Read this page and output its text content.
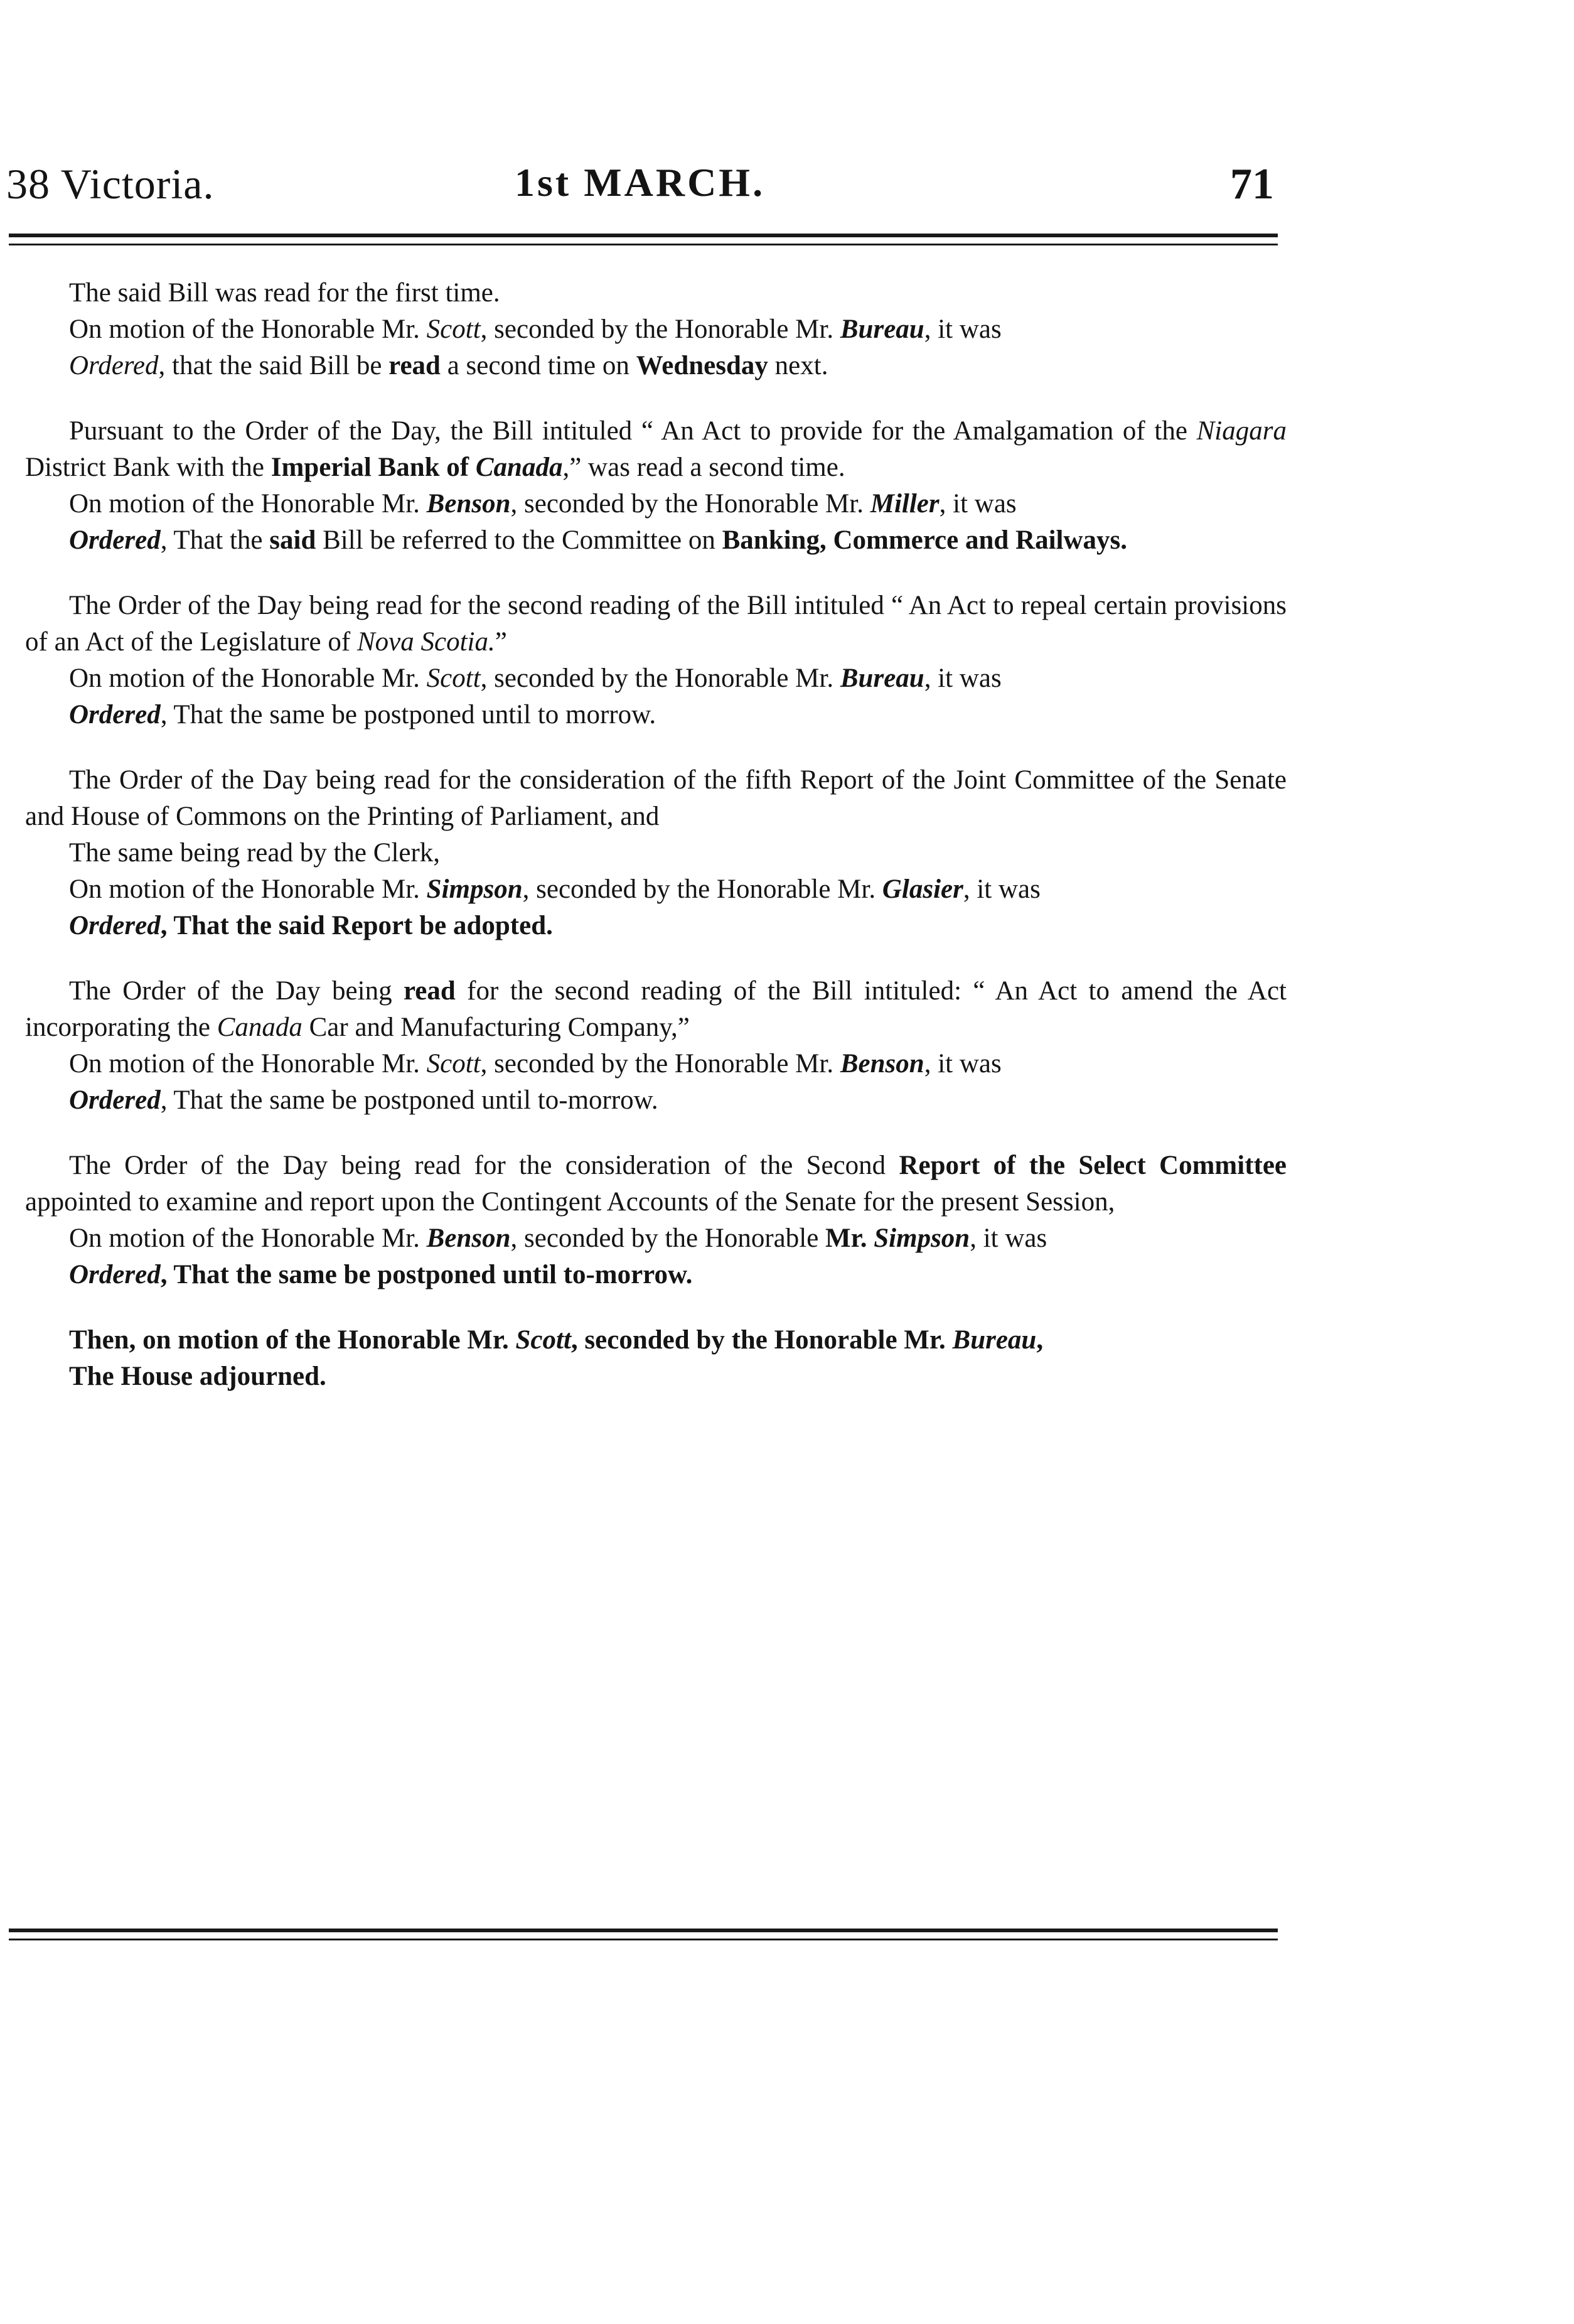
38 Victoria.	1st MARCH.	71

The said Bill was read for the first time.

On motion of the Honorable Mr. Scott, seconded by the Honorable Mr. Bureau, it was

Ordered, that the said Bill be read a second time on Wednesday next.

Pursuant to the Order of the Day, the Bill intituled “ An Act to provide for the Amalgamation of the Niagara District Bank with the Imperial Bank of Canada,” was read a second time.

On motion of the Honorable Mr. Benson, seconded by the Honorable Mr. Miller, it was

Ordered, That the said Bill be referred to the Committee on Banking, Commerce and Railways.

The Order of the Day being read for the second reading of the Bill intituled “ An Act to repeal certain provisions of an Act of the Legislature of Nova Scotia.”

On motion of the Honorable Mr. Scott, seconded by the Honorable Mr. Bureau, it was

Ordered, That the same be postponed until to morrow.

The Order of the Day being read for the consideration of the fifth Report of the Joint Committee of the Senate and House of Commons on the Printing of Parliament, and

The same being read by the Clerk,

On motion of the Honorable Mr. Simpson, seconded by the Honorable Mr. Glasier, it was

Ordered, That the said Report be adopted.

The Order of the Day being read for the second reading of the Bill intituled: “ An Act to amend the Act incorporating the Canada Car and Manufacturing Company,”

On motion of the Honorable Mr. Scott, seconded by the Honorable Mr. Benson, it was

Ordered, That the same be postponed until to-morrow.

The Order of the Day being read for the consideration of the Second Report of the Select Committee appointed to examine and report upon the Contingent Accounts of the Senate for the present Session,

On motion of the Honorable Mr. Benson, seconded by the Honorable Mr. Simpson, it was

Ordered, That the same be postponed until to-morrow.

Then, on motion of the Honorable Mr. Scott, seconded by the Honorable Mr. Bureau,

The House adjourned.
